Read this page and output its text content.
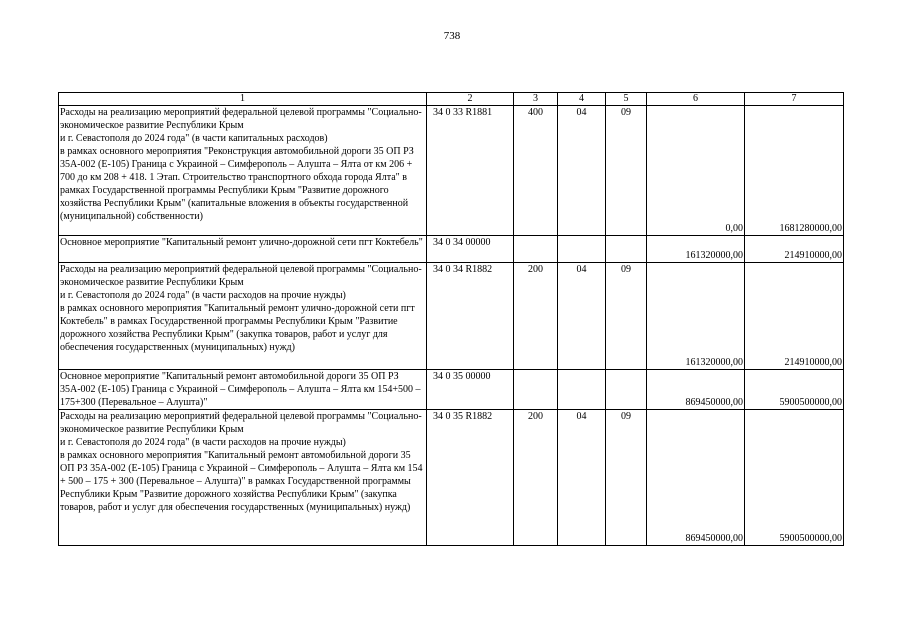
738
1	2	3	4	5	6	7
Расходы на реализацию мероприятий федеральной целевой программы "Социально-экономическое развитие Республики Крым
и г. Севастополя до 2024 года" (в части капитальных расходов)
в рамках основного мероприятия "Реконструкция автомобильной дороги 35 ОП РЗ 35А-002 (Е-105) Граница с Украиной – Симферополь – Алушта – Ялта от км 206 + 700 до км 208 + 418. 1 Этап. Строительство транспортного обхода города Ялта" в рамках Государственной программы Республики Крым "Развитие дорожного хозяйства Республики Крым" (капитальные вложения в объекты государственной (муниципальной) собственности)	34 0 33 R1881	400	04	09	0,00	1681280000,00
Основное мероприятие "Капитальный ремонт улично-дорожной сети пгт Коктебель"	34 0 34 00000				161320000,00	214910000,00
Расходы на реализацию мероприятий федеральной целевой программы "Социально-экономическое развитие Республики Крым
и г. Севастополя до 2024 года" (в части расходов на прочие нужды)
в рамках основного мероприятия "Капитальный ремонт улично-дорожной сети пгт Коктебель" в рамках Государственной программы Республики Крым "Развитие дорожного хозяйства Республики Крым" (закупка товаров, работ и услуг для обеспечения государственных (муниципальных) нужд)	34 0 34 R1882	200	04	09	161320000,00	214910000,00
Основное мероприятие "Капитальный ремонт автомобильной дороги 35 ОП РЗ 35А-002 (Е-105) Граница с Украиной – Симферополь – Алушта – Ялта км 154+500 – 175+300 (Перевальное – Алушта)"	34 0 35 00000				869450000,00	5900500000,00
Расходы на реализацию мероприятий федеральной целевой программы "Социально-экономическое развитие Республики Крым
и г. Севастополя до 2024 года" (в части расходов на прочие нужды)
в рамках основного мероприятия "Капитальный ремонт автомобильной дороги 35 ОП РЗ 35А-002 (Е-105) Граница с Украиной – Симферополь – Алушта – Ялта км 154 + 500 – 175 + 300 (Перевальное – Алушта)" в рамках Государственной программы Республики Крым "Развитие дорожного хозяйства Республики Крым" (закупка товаров, работ и услуг для обеспечения государственных (муниципальных) нужд)	34 0 35 R1882	200	04	09	869450000,00	5900500000,00
